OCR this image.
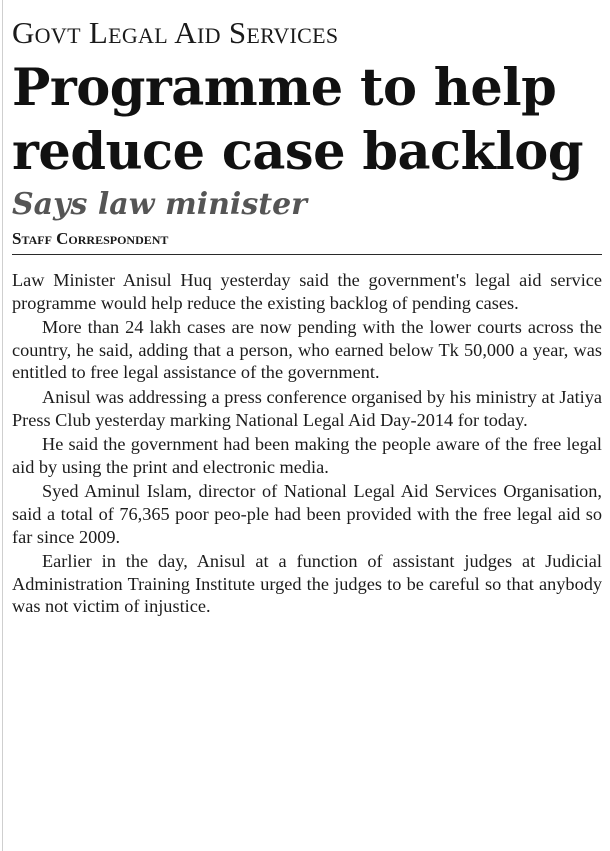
Govt Legal Aid Services
Programme to help
reduce case backlog
Says law minister
Staff Correspondent

Law Minister Anisul Huq yesterday said the government's legal aid service programme would help reduce the existing backlog of pending cases.

More than 24 lakh cases are now pending with the lower courts across the country, he said, adding that a person, who earned below Tk 50,000 a year, was entitled to free legal assistance of the government.

Anisul was addressing a press conference organised by his ministry at Jatiya Press Club yesterday marking National Legal Aid Day-2014 for today.

He said the government had been making the people aware of the free legal aid by using the print and electronic media.

Syed Aminul Islam, director of National Legal Aid Services Organisation, said a total of 76,365 poor peo-ple had been provided with the free legal aid so far since 2009.

Earlier in the day, Anisul at a function of assistant judges at Judicial Administration Training Institute urged the judges to be careful so that anybody was not victim of injustice.
